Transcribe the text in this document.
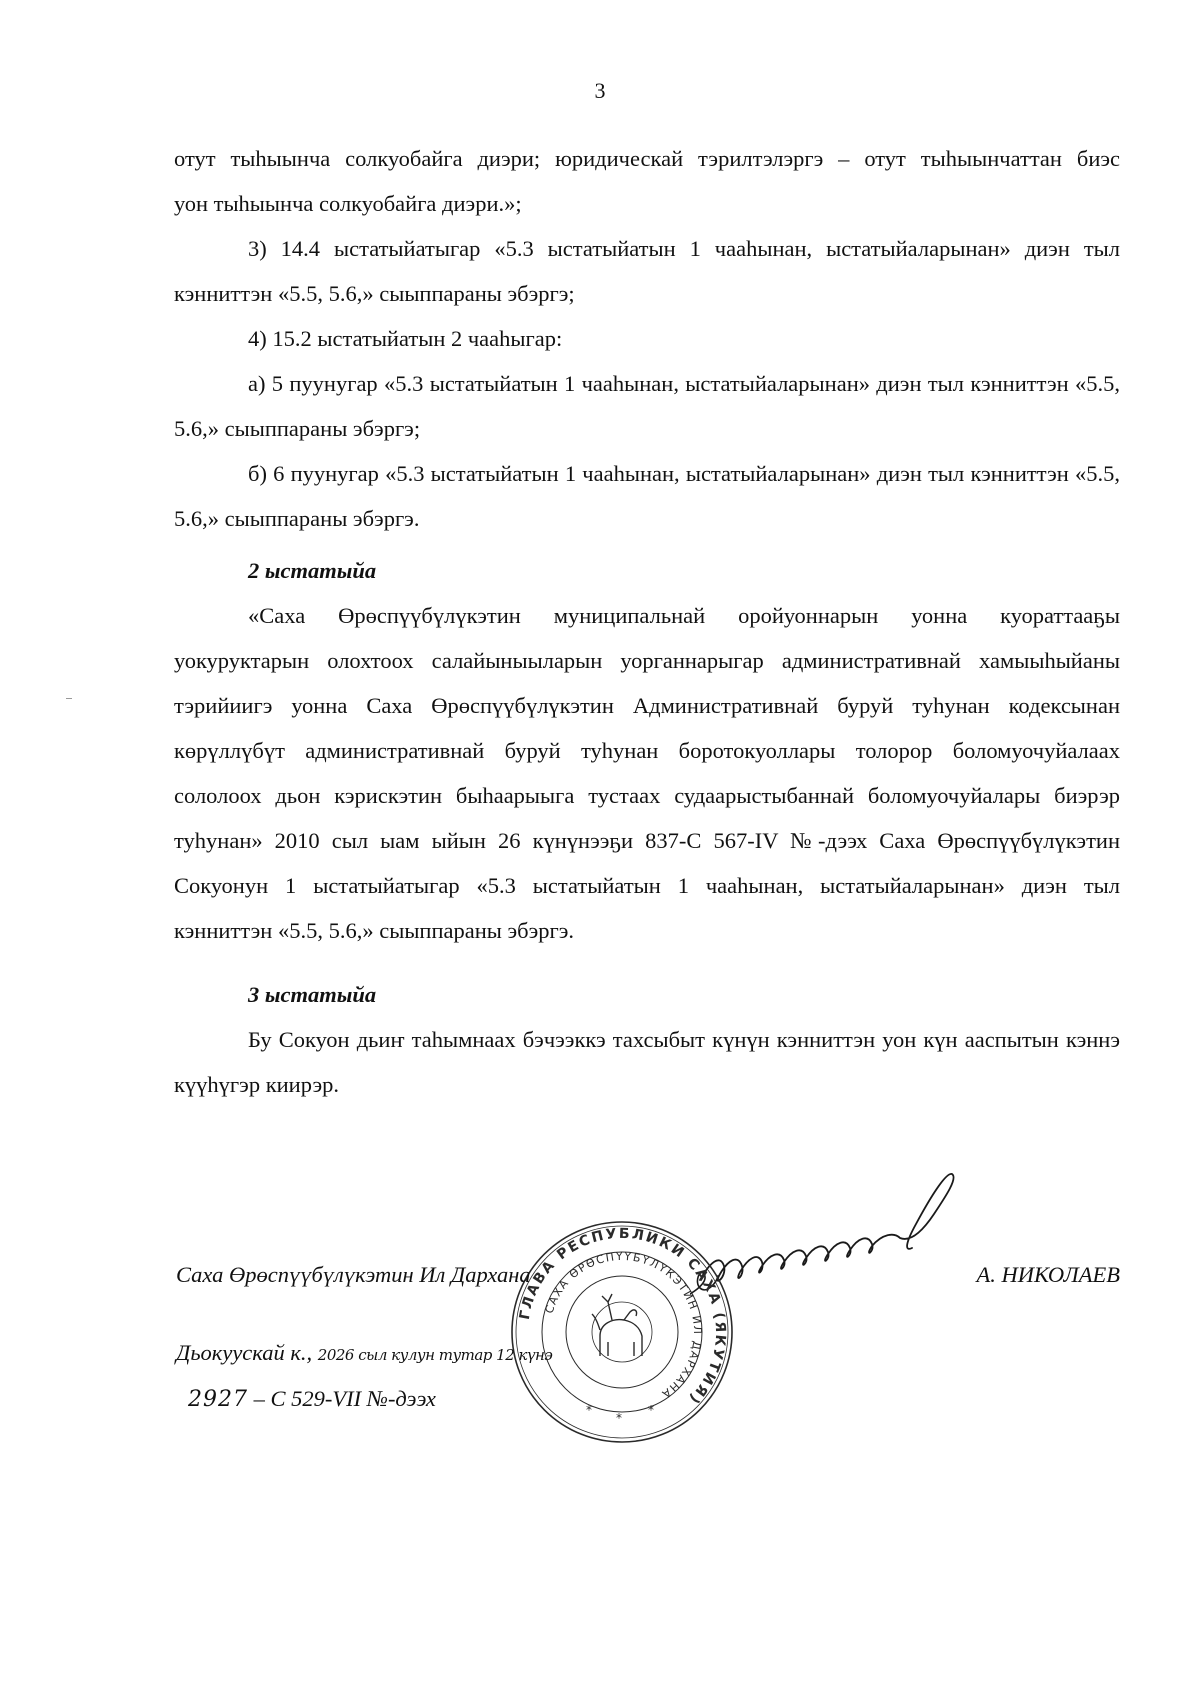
3

отут тыһыынча солкуобайга диэри; юридическай тэрилтэлэргэ – отут тыһыынчаттан биэс

уон тыһыынча солкуобайга диэри.»;

3) 14.4 ыстатыйатыгар «5.3 ыстатыйатын 1 чааһынан, ыстатыйаларынан» диэн тыл кэнниттэн «5.5, 5.6,» сыыппараны эбэргэ;

4) 15.2 ыстатыйатын 2 чааһыгар:

а) 5 пуунугар «5.3 ыстатыйатын 1 чааһынан, ыстатыйаларынан» диэн тыл кэнниттэн «5.5, 5.6,» сыыппараны эбэргэ;

б) 6 пуунугар «5.3 ыстатыйатын 1 чааһынан, ыстатыйаларынан» диэн тыл кэнниттэн «5.5, 5.6,» сыыппараны эбэргэ.

2 ыстатыйа

«Саха Өрөспүүбүлүкэтин муниципальнай оройуоннарын уонна куораттааҕы уокуруктарын олохтоох салайыныыларын уорганнарыгар административнай хамыыһыйаны тэрийиигэ уонна Саха Өрөспүүбүлүкэтин Административнай буруй туһунан кодексынан көрүллүбүт административнай буруй туһунан боротокуоллары толорор боломуочуйалаах сололоох дьон кэрискэтин быһаарыыга тустаах судаарыстыбаннай боломуочуйалары биэрэр туһунан» 2010 сыл ыам ыйын 26 күнүнээҕи 837-С 567-IV №-дээх Саха Өрөспүүбүлүкэтин Сокуонун 1 ыстатыйатыгар «5.3 ыстатыйатын 1 чааһынан, ыстатыйаларынан» диэн тыл кэнниттэн «5.5, 5.6,» сыыппараны эбэргэ.

3 ыстатыйа

Бу Сокуон дьиҥ таһымнаах бэчээккэ тахсыбыт күнүн кэнниттэн уон күн ааспытын кэннэ күүһүгэр киирэр.

ГЛАВА РЕСПУБЛИКИ САХА (ЯКУТИЯ)
САХА ӨРӨСПҮҮБҮЛҮКЭТИН ИЛ ДАРХАНА
*
*
*
Саха Өрөспүүбүлүкэтин Ил Дархана	А. НИКОЛАЕВ
Дьокуускай к., 2026 сыл кулун тутар 12 күнэ
2927 – С 529-VII №-дээх
